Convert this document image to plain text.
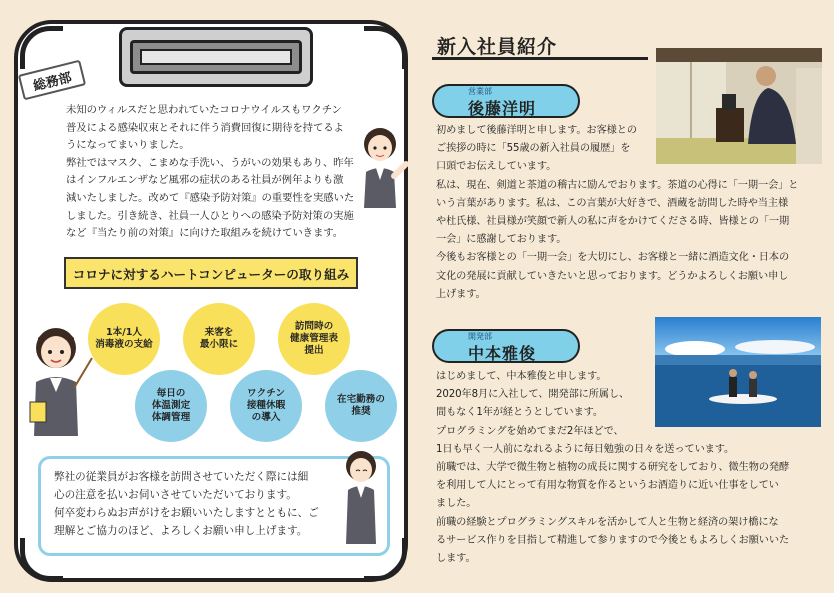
総務部

未知のウィルスだと思われていたコロナウイルスもワクチン

普及による感染収束とそれに伴う消費回復に期待を持てるよ

うになってまいりました。

弊社ではマスク、こまめな手洗い、うがいの効果もあり、昨年

はインフルエンザなど風邪の症状のある社員が例年よりも激

減いたしました。改めて『感染予防対策』の重要性を実感いた

しました。引き続き、社員一人ひとりへの感染予防対策の実施

など『当たり前の対策』に向けた取組みを続けていきます。

コロナに対するハートコンピューターの取り組み
1本/1人
消毒液の支給
来客を
最小限に
訪問時の
健康管理表
提出
毎日の
体温測定
体調管理
ワクチン
接種休暇
の導入
在宅勤務の
推奨
弊社の従業員がお客様を訪問させていただく際には細
心の注意を払いお伺いさせていただいております。
何卒変わらぬお声がけをお願いいたしますとともに、ご
理解とご協力のほど、よろしくお願い申し上げます。
新入社員紹介
営業部
後藤洋明

初めまして後藤洋明と申します。お客様との

ご挨拶の時に「55歳の新入社員の履歴」を

口頭でお伝えしています。

私は、現在、剣道と茶道の稽古に励んでおります。茶道の心得に「一期一会」と

いう言葉があります。私は、この言葉が大好きで、酒蔵を訪問した時や当主様

や杜氏様、社員様が笑顔で新人の私に声をかけてくださる時、皆様との「一期

一会」に感謝しております。

今後もお客様との「一期一会」を大切にし、お客様と一緒に酒造文化・日本の

文化の発展に貢献していきたいと思っております。どうかよろしくお願い申し

上げます。

開発部
中本雅俊

はじめまして、中本雅俊と申します。

2020年8月に入社して、開発部に所属し、

間もなく1年が経とうとしています。

プログラミングを始めてまだ2年ほどで、

1日も早く一人前になれるように毎日勉強の日々を送っています。

前職では、大学で微生物と植物の成長に関する研究をしており、微生物の発酵

を利用して人にとって有用な物質を作るというお酒造りに近い仕事をしてい

ました。

前職の経験とプログラミングスキルを活かして人と生物と経済の架け橋にな

るサービス作りを目指して精進して参りますので今後ともよろしくお願いいた

します。
